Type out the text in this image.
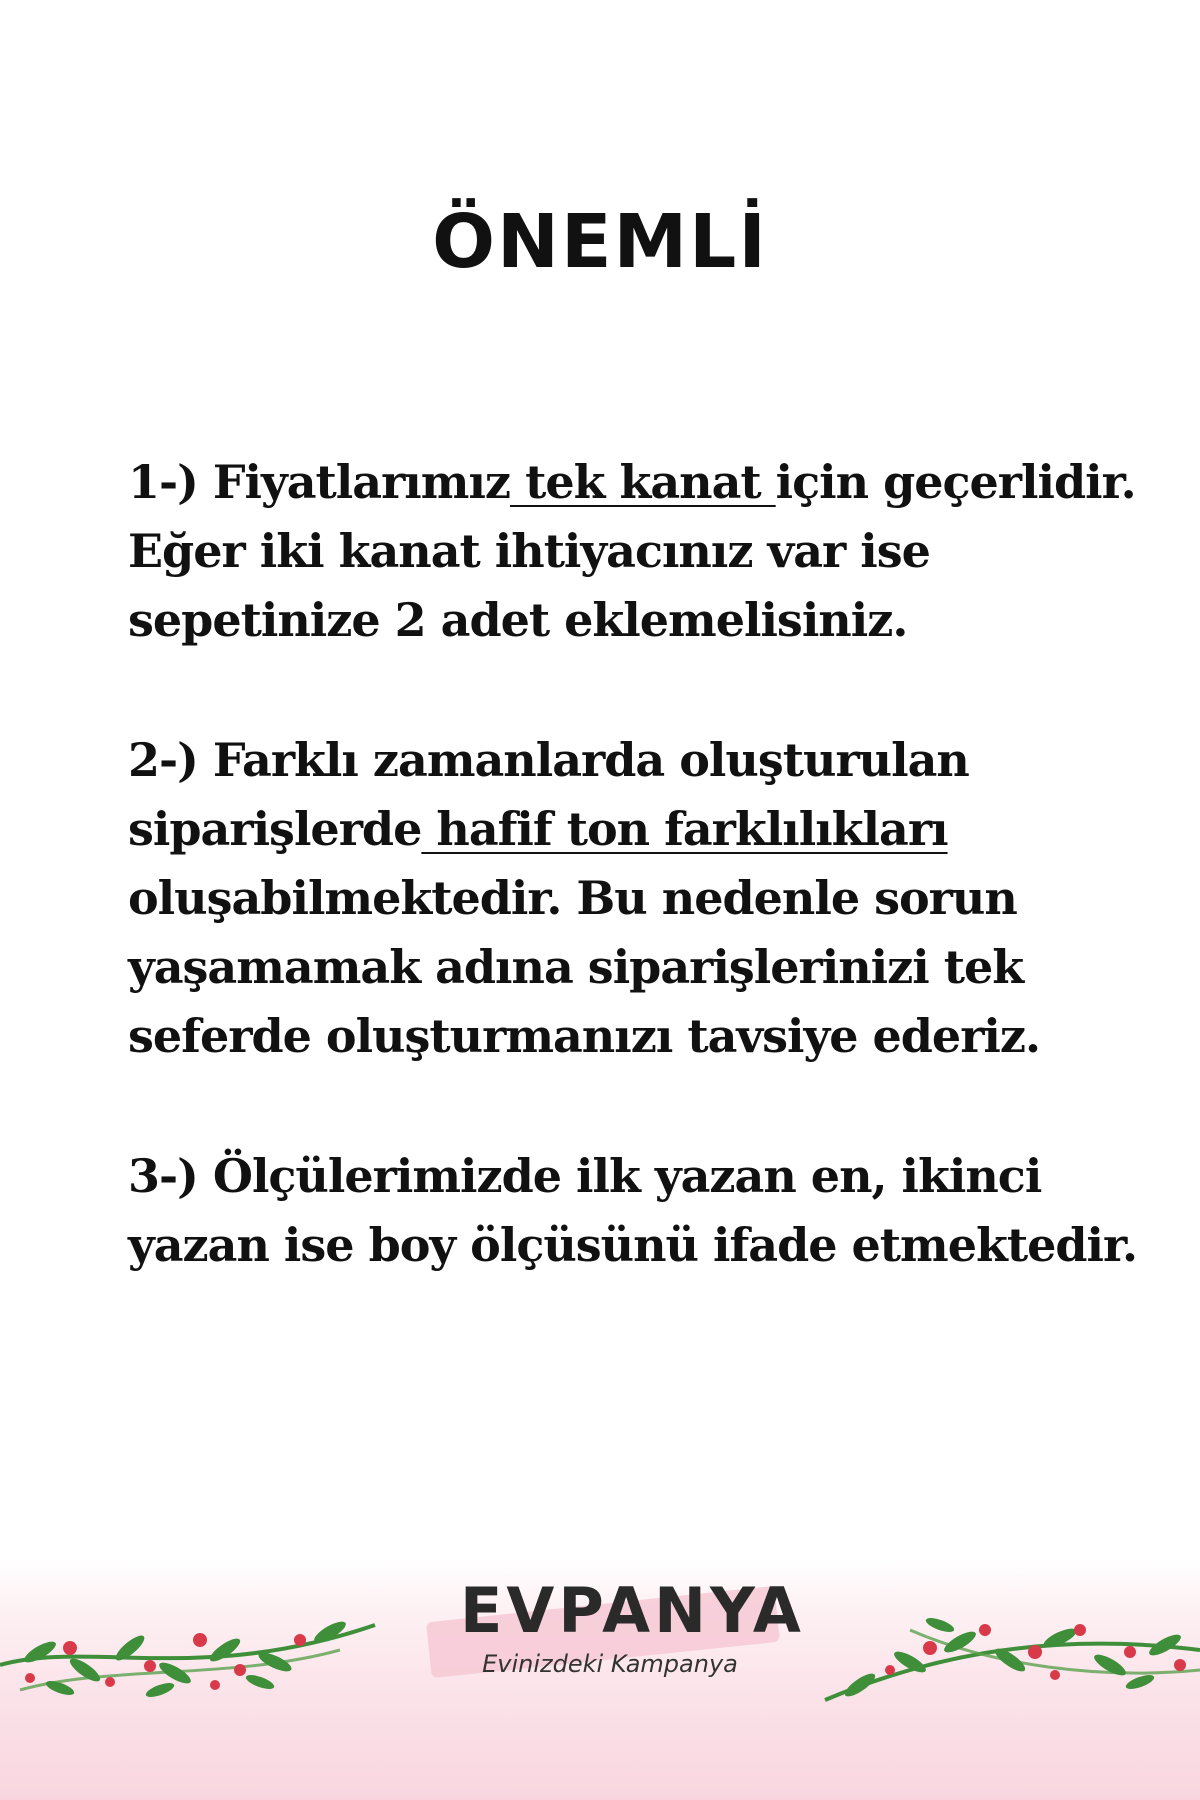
ÖNEMLİ

1-) Fiyatlarımız tek kanat için geçerlidir. Eğer iki kanat ihtiyacınız var ise sepetinize 2 adet eklemelisiniz.

2-) Farklı zamanlarda oluşturulan siparişlerde hafif ton farklılıkları oluşabilmektedir. Bu nedenle sorun yaşamamak adına siparişlerinizi tek seferde oluşturmanızı tavsiye ederiz.

3-) Ölçülerimizde ilk yazan en, ikinci yazan ise boy ölçüsünü ifade etmektedir.

EVPANYA
Evinizdeki Kampanya
